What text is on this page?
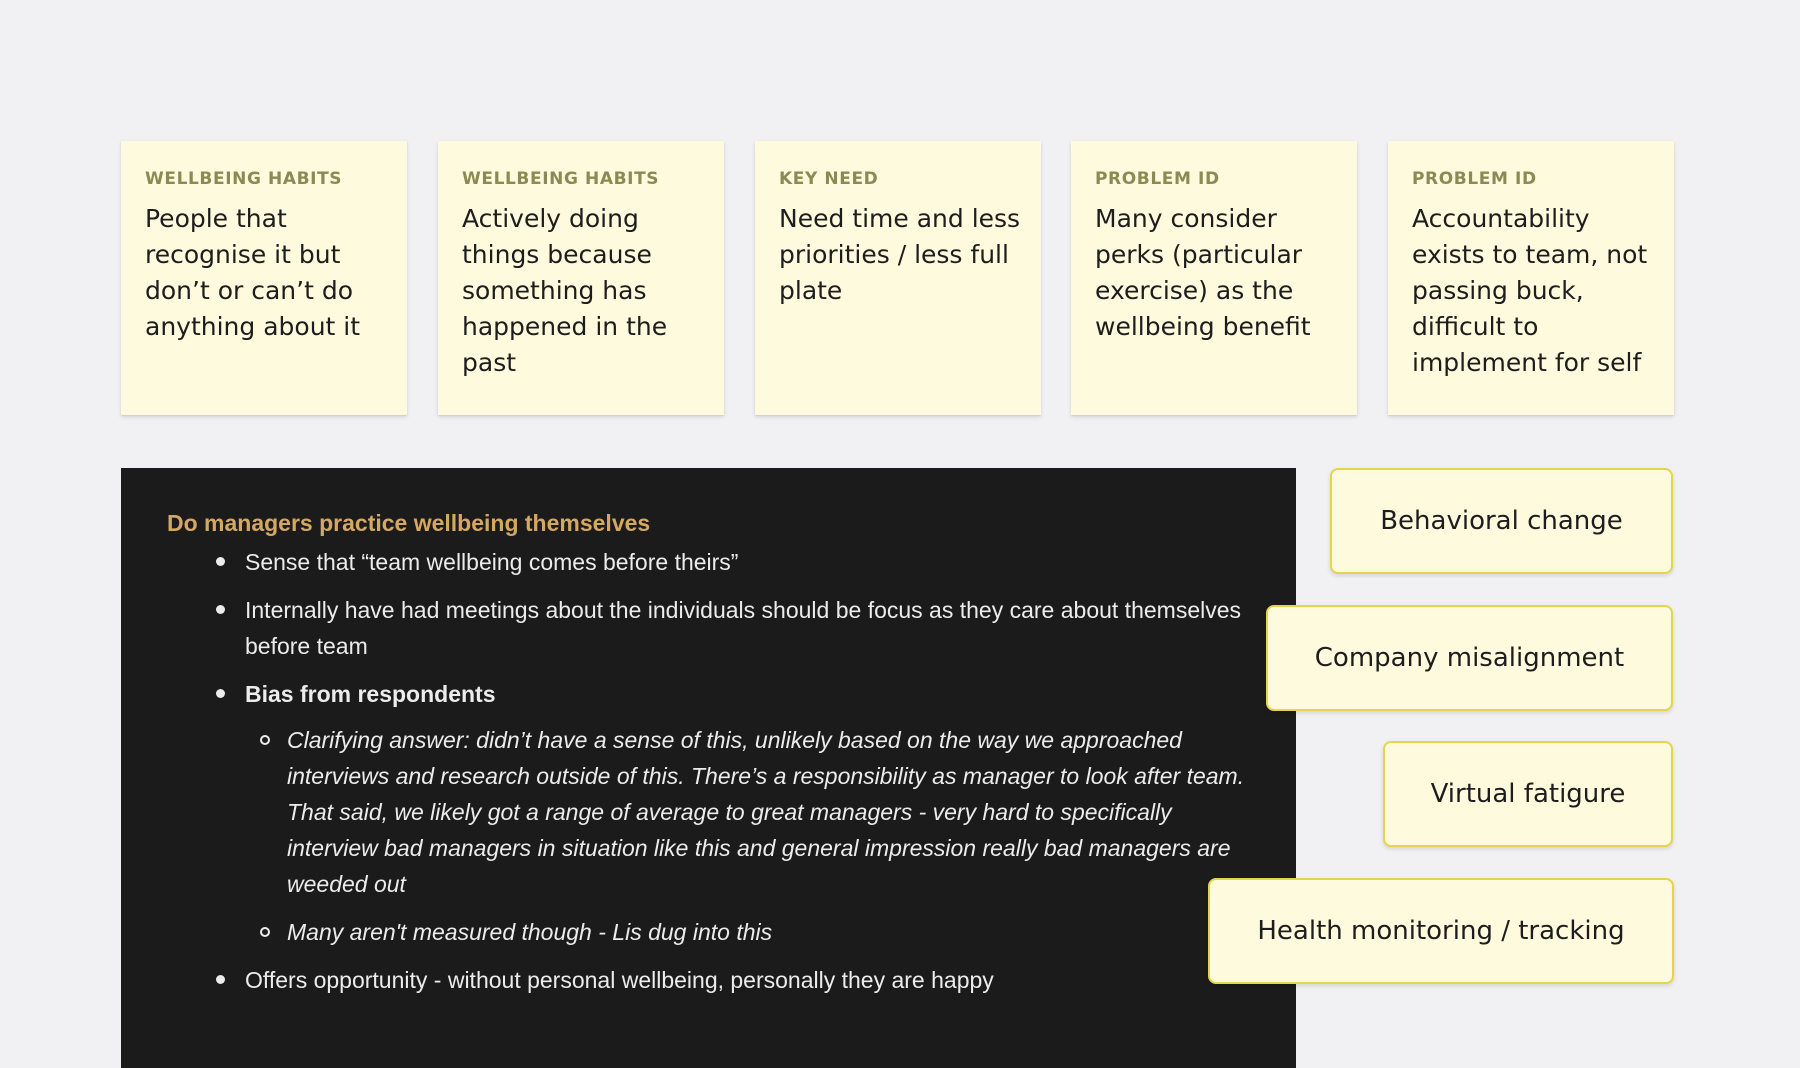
WELLBEING HABITS
People that recognise it but don’t or can’t do anything about it
WELLBEING HABITS
Actively doing things because something has happened in the past
KEY NEED
Need time and less priorities / less full plate
PROBLEM ID
Many consider perks (particular exercise) as the wellbeing benefit
PROBLEM ID
Accountability exists to team, not passing buck, difficult to implement for self
Do managers practice wellbeing themselves
Sense that “team wellbeing comes before theirs”
Internally have had meetings about the individuals should be focus as they care about themselves before team
Bias from respondents
Clarifying answer: didn’t have a sense of this, unlikely based on the way we approached interviews and research outside of this. There’s a responsibility as manager to look after team. That said, we likely got a range of average to great managers - very hard to specifically interview bad managers in situation like this and general impression really bad managers are weeded out
Many aren't measured though - Lis dug into this
Offers opportunity - without personal wellbeing, personally they are happy
Behavioral change
Company misalignment
Virtual fatigure
Health monitoring / tracking
